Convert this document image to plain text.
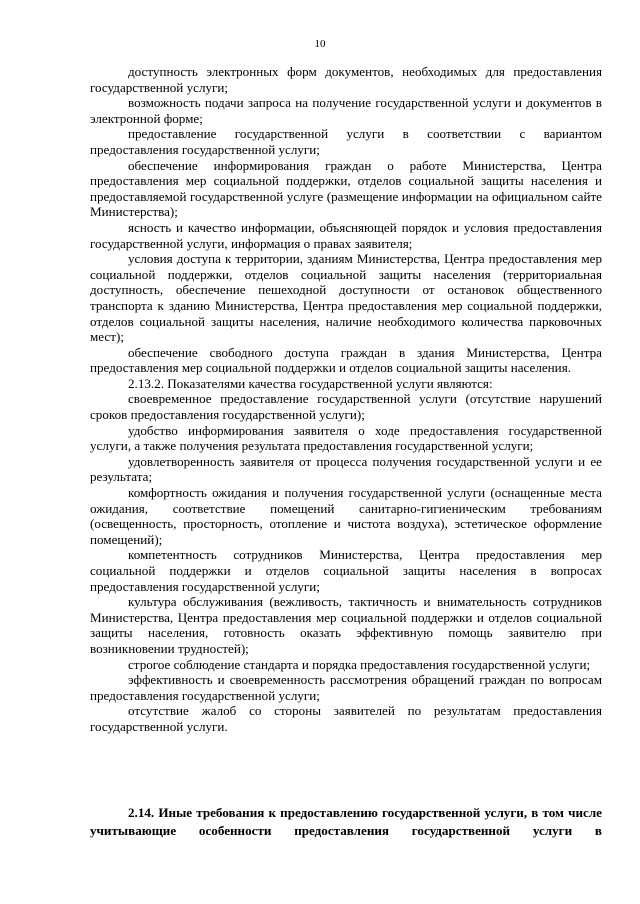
10

доступность электронных форм документов, необходимых для предоставления государственной услуги;

возможность подачи запроса на получение государственной услуги и документов в электронной форме;

предоставление государственной услуги в соответствии с вариантом предоставления государственной услуги;

обеспечение информирования граждан о работе Министерства, Центра предоставления мер социальной поддержки, отделов социальной защиты населения и предоставляемой государственной услуге (размещение информации на официальном сайте Министерства);

ясность и качество информации, объясняющей порядок и условия предоставления государственной услуги, информация о правах заявителя;

условия доступа к территории, зданиям Министерства, Центра предоставления мер социальной поддержки, отделов социальной защиты населения (территориальная доступность, обеспечение пешеходной доступности от остановок общественного транспорта к зданию Министерства, Центра предоставления мер социальной поддержки, отделов социальной защиты населения, наличие необходимого количества парковочных мест);

обеспечение свободного доступа граждан в здания Министерства, Центра предоставления мер социальной поддержки и отделов социальной защиты населения.

2.13.2. Показателями качества государственной услуги являются:

своевременное предоставление государственной услуги (отсутствие нарушений сроков предоставления государственной услуги);

удобство информирования заявителя о ходе предоставления государственной услуги, а также получения результата предоставления государственной услуги;

удовлетворенность заявителя от процесса получения государственной услуги и ее результата;

комфортность ожидания и получения государственной услуги (оснащенные места ожидания, соответствие помещений санитарно-гигиеническим требованиям (освещенность, просторность, отопление и чистота воздуха), эстетическое оформление помещений);

компетентность сотрудников Министерства, Центра предоставления мер социальной поддержки и отделов социальной защиты населения в вопросах предоставления государственной услуги;

культура обслуживания (вежливость, тактичность и внимательность сотрудников Министерства, Центра предоставления мер социальной поддержки и отделов социальной защиты населения, готовность оказать эффективную помощь заявителю при возникновении трудностей);

строгое соблюдение стандарта и порядка предоставления государственной услуги;

эффективность и своевременность рассмотрения обращений граждан по вопросам предоставления государственной услуги;

отсутствие жалоб со стороны заявителей по результатам предоставления государственной услуги.

2.14. Иные требования к предоставлению государственной услуги, в том числе учитывающие особенности предоставления государственной услуги в
